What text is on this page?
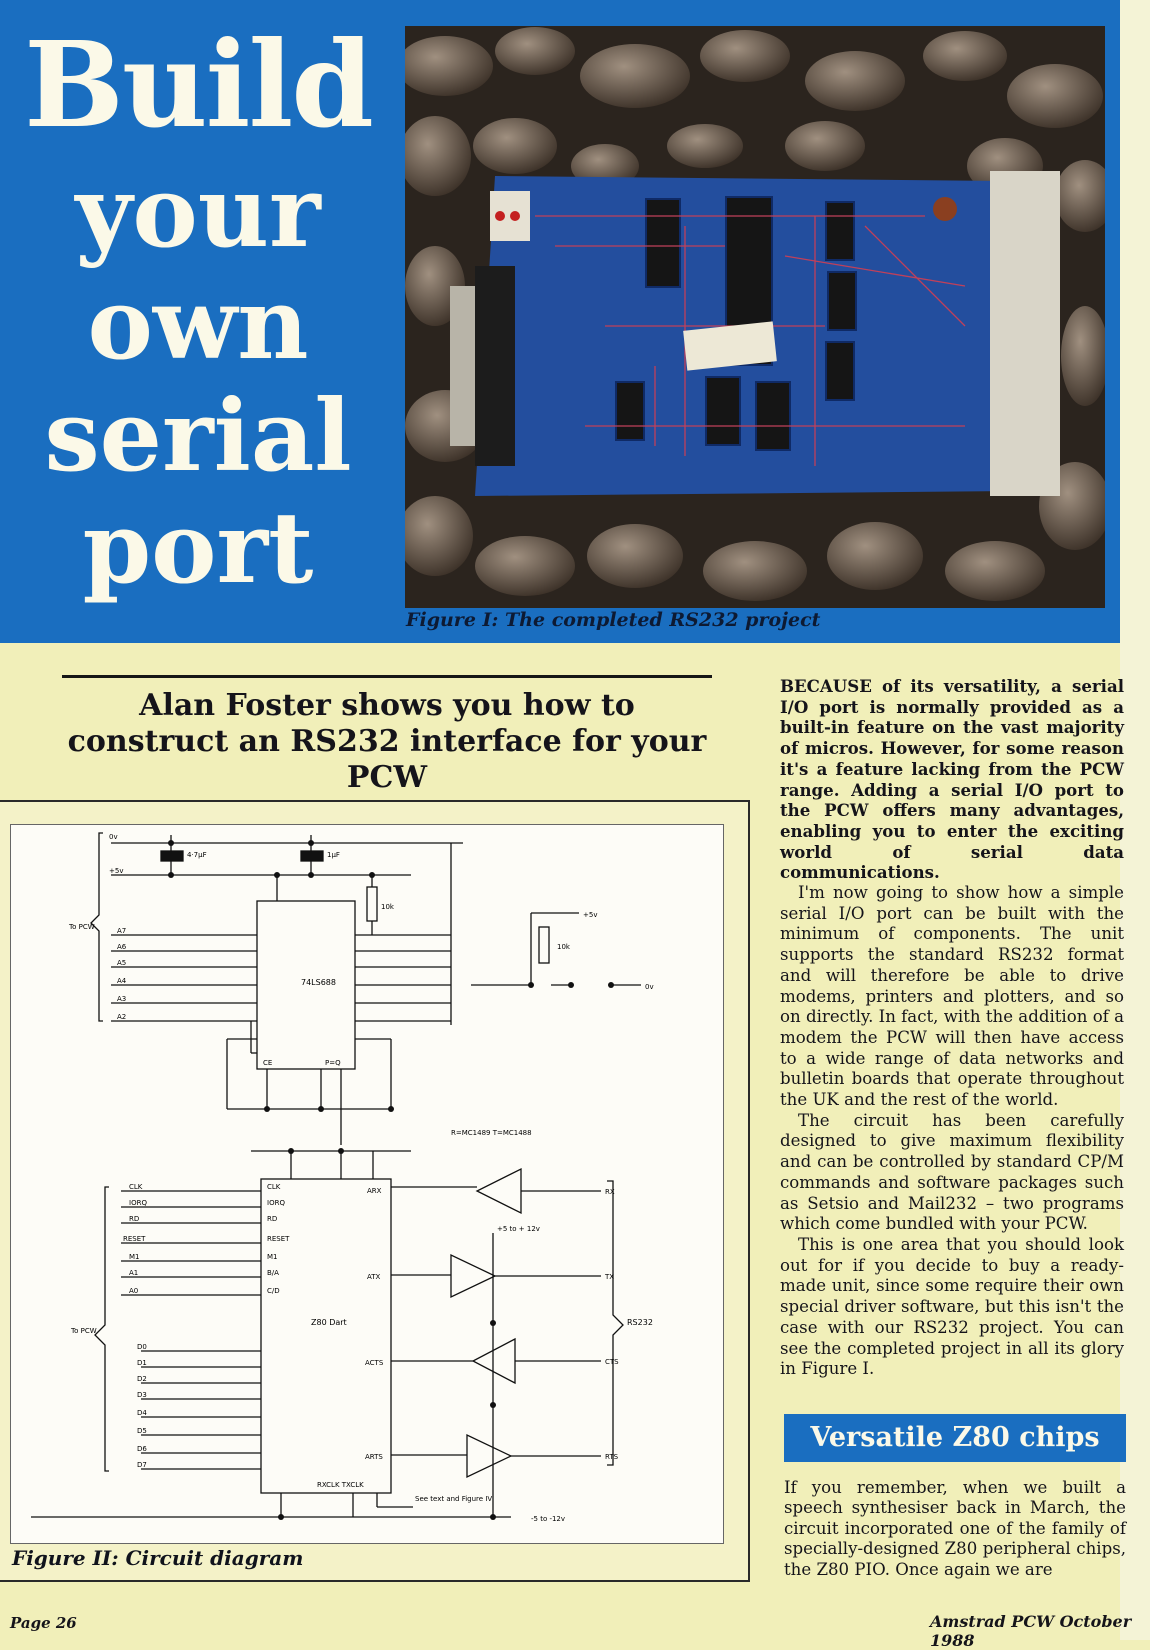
Build
your
own
serial
port
Figure I: The completed RS232 project
Alan Foster shows you how to construct an RS232 interface for your PCW
0v
+5v
4·7μF	1μF
10k
10k
To PCW
+5v
0v
A7
A6
A5
A4
A3
A2
74LS688
CE	P=Q
R=MC1489 T=MC1488
CLK
IORQ
RD
RESET
M1
A1
A0
D0
D1
D2
D3
D4
D5
D6
D7
CLK
IORQ
RD
RESET
M1
B/A
C/D
ARX
ATX
ACTS
ARTS
RX
TX
CTS
RTS
RXCLK TXCLK
+5 to + 12v
-5 to -12v
See text and Figure IV
To PCW
Z80 Dart	RS232
Figure II: Circuit diagram

BECAUSE of its versatility, a serial I/O port is normally provided as a built-in feature on the vast majority of micros. However, for some reason it's a feature lacking from the PCW range. Adding a serial I/O port to the PCW offers many advantages, enabling you to enter the exciting world of serial data communications.

I'm now going to show how a simple serial I/O port can be built with the minimum of components. The unit supports the standard RS232 format and will therefore be able to drive modems, printers and plotters, and so on directly. In fact, with the addition of a modem the PCW will then have access to a wide range of data networks and bulletin boards that operate throughout the UK and the rest of the world.

The circuit has been carefully designed to give maximum flexibility and can be controlled by standard CP/M commands and software packages such as Setsio and Mail232 – two programs which come bundled with your PCW.

This is one area that you should look out for if you decide to buy a ready-made unit, since some require their own special driver software, but this isn't the case with our RS232 project. You can see the completed project in all its glory in Figure I.

Versatile Z80 chips
If you remember, when we built a speech synthesiser back in March, the circuit incorporated one of the family of specially-designed Z80 peripheral chips, the Z80 PIO. Once again we are
Page 26	Amstrad PCW October 1988
